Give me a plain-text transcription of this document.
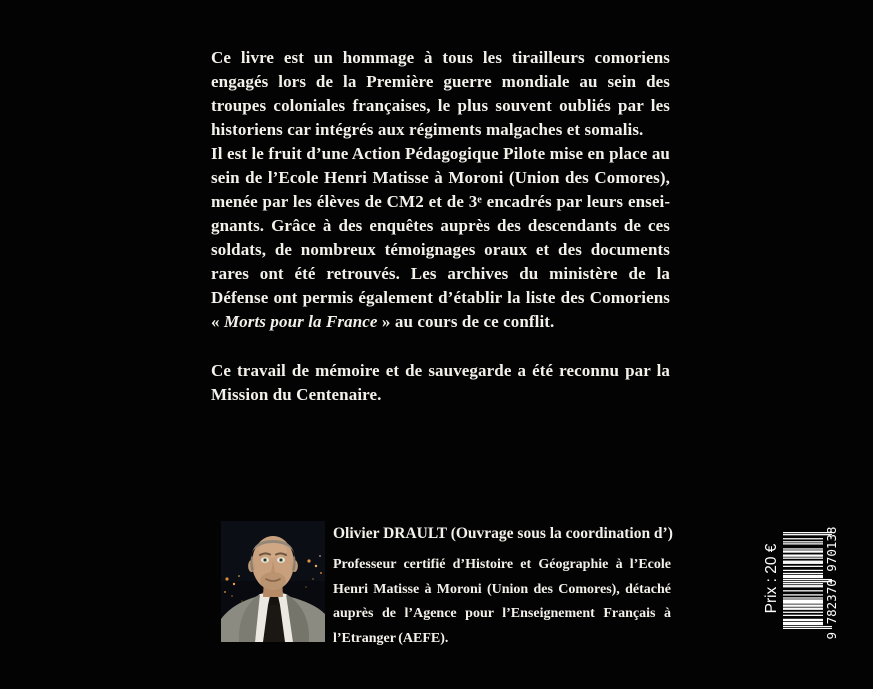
Ce livre est un hommage à tous les tirailleurs comoriens engagés lors de la Première guerre mondiale au sein des troupes coloniales françaises, le plus souvent oubliés par les historiens car intégrés aux régiments malgaches et somalis.

Il est le fruit d’une Action Pédagogique Pilote mise en place au sein de l’Ecole Henri Matisse à Moroni (Union des Comores), menée par les élèves de CM2 et de 3ᵉ encadrés par leurs enseignants. Grâce à des enquêtes auprès des descendants de ces soldats, de nombreux témoignages oraux et des documents rares ont été retrouvés. Les archives du ministère de la Défense ont permis également d’établir la liste des Comoriens « Morts pour la France » au cours de ce conflit.

Ce travail de mémoire et de sauvegarde a été reconnu par la Mission du Centenaire.

Olivier DRAULT (Ouvrage sous la coordination d’)

Professeur certifié d’Histoire et Géographie à l’Ecole Henri Matisse à Moroni (Union des Comores), détaché auprès de l’Agence pour l’Enseignement Français à l’Etranger (AEFE).

Prix : 20 €	9 782370 970138
